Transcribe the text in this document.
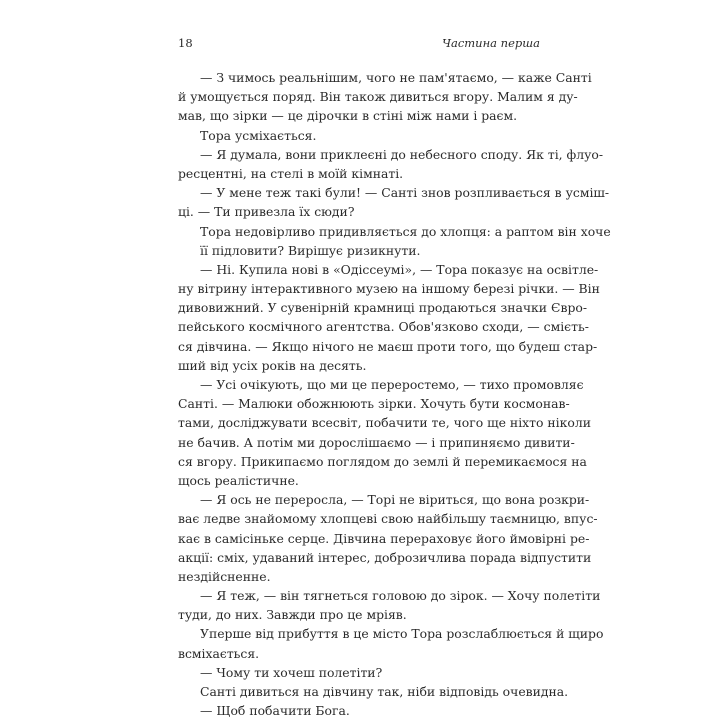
18	Частина перша
— З чимось реальнішим, чого не пам'ятаємо, — каже Санті
й умощується поряд. Він також дивиться вгору. Малим я ду-
мав, що зірки — це дірочки в стіні між нами і раєм.
Тора усміхається.
— Я думала, вони приклеєні до небесного споду. Як ті, флуо-
ресцентні, на стелі в моїй кімнаті.
— У мене теж такі були! — Санті знов розпливається в усміш-
ці. — Ти привезла їх сюди?
Тора недовірливо придивляється до хлопця: а раптом він хоче
її підловити? Вирішує ризикнути.
— Ні. Купила нові в «Одіссеумі», — Тора показує на освітле-
ну вітрину інтерактивного музею на іншому березі річки. — Він
дивовижний. У сувенірній крамниці продаються значки Євро-
пейського космічного агентства. Обов'язково сходи, — смієть-
ся дівчина. — Якщо нічого не маєш проти того, що будеш стар-
ший від усіх років на десять.
— Усі очікують, що ми це переростемо, — тихо промовляє
Санті. — Малюки обожнюють зірки. Хочуть бути космонав-
тами, досліджувати всесвіт, побачити те, чого ще ніхто ніколи
не бачив. А потім ми дорослішаємо — і припиняємо дивити-
ся вгору. Прикипаємо поглядом до землі й перемикаємося на
щось реалістичне.
— Я ось не переросла, — Торі не віриться, що вона розкри-
ває ледве знайомому хлопцеві свою найбільшу таємницю, впус-
кає в самісіньке серце. Дівчина перераховує його ймовірні ре-
акції: сміх, удаваний інтерес, доброзичлива порада відпустити
нездійсненне.
— Я теж, — він тягнеться головою до зірок. — Хочу полетіти
туди, до них. Завжди про це мріяв.
Уперше від прибуття в це місто Тора розслаблюється й щиро
всміхається.
— Чому ти хочеш полетіти?
Санті дивиться на дівчину так, ніби відповідь очевидна.
— Щоб побачити Бога.
